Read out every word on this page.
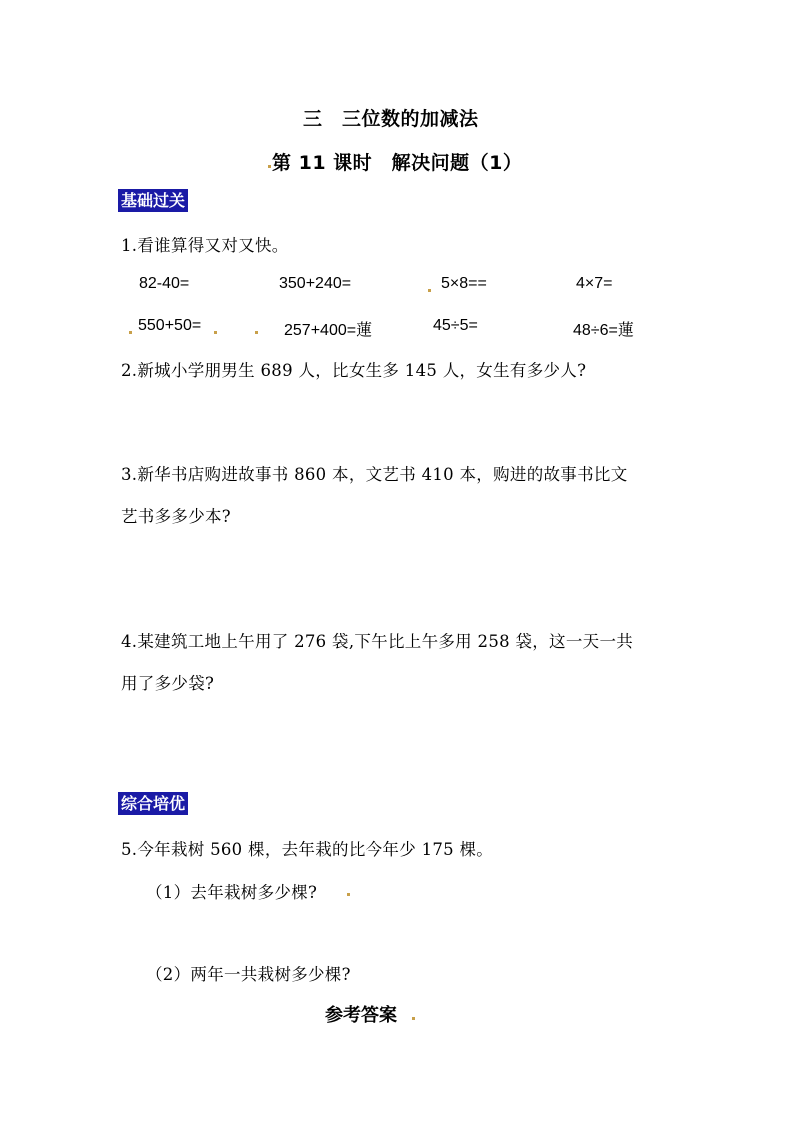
三　三位数的加减法
第 11 课时　解决问题（1）
基础过关
1.看谁算得又对又快。
82-40=	350+240=	5×8==	4×7=
550+50=	257+400=蓮	45÷5=	48÷6=蓮
2.新城小学朋男生 689 人，比女生多 145 人，女生有多少人?
3.新华书店购进故事书 860 本，文艺书 410 本，购进的故事书比文
艺书多多少本?
4.某建筑工地上午用了 276 袋,下午比上午多用 258 袋，这一天一共
用了多少袋?
综合培优
5.今年栽树 560 棵，去年栽的比今年少 175 棵。
（1）去年栽树多少棵?
（2）两年一共栽树多少棵?
参考答案
